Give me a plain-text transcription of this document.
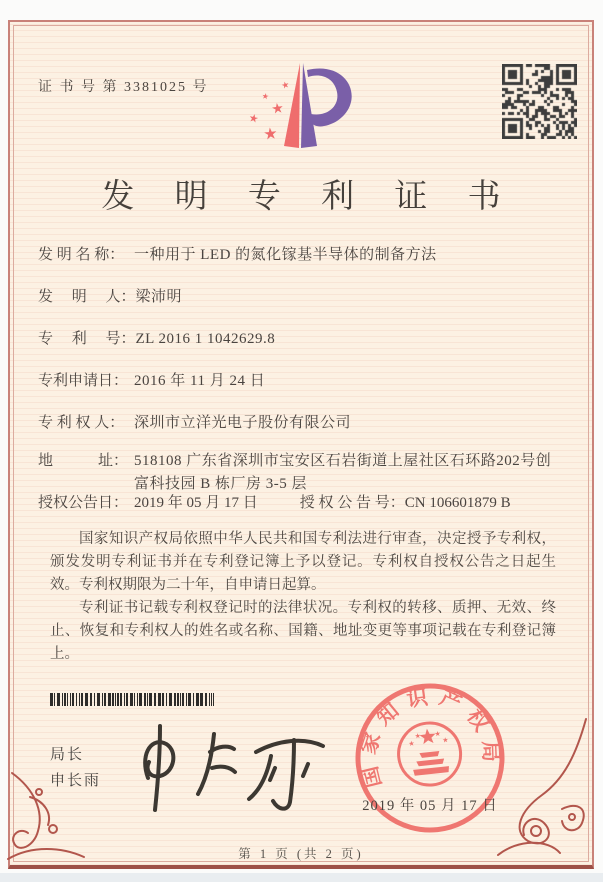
证 书 号 第 3381025 号	★
★
★
★
★
发 明 专 利 证 书
发 明 名 称： 一种用于 LED 的氮化镓基半导体的制备方法
发　 明　 人： 梁沛明
专　 利　 号： ZL 2016 1 1042629.8
专利申请日： 2016 年 11 月 24 日
专 利 权 人： 深圳市立洋光电子股份有限公司
地　　　址： 518108 广东省深圳市宝安区石岩街道上屋社区石环路202号创富科技园 B 栋厂房 3-5 层
授权公告日： 2019 年 05 月 17 日	授 权 公 告 号： CN 106601879 B

国家知识产权局依照中华人民共和国专利法进行审查，决定授予专利权，颁发发明专利证书并在专利登记簿上予以登记。专利权自授权公告之日起生效。专利权期限为二十年，自申请日起算。

专利证书记载专利权登记时的法律状况。专利权的转移、质押、无效、终止、恢复和专利权人的姓名或名称、国籍、地址变更等事项记载在专利登记簿上。

局长
申长雨	国家知识产权局
★
★ ★
★
2019 年 05 月 17 日
第 1 页 (共 2 页)
